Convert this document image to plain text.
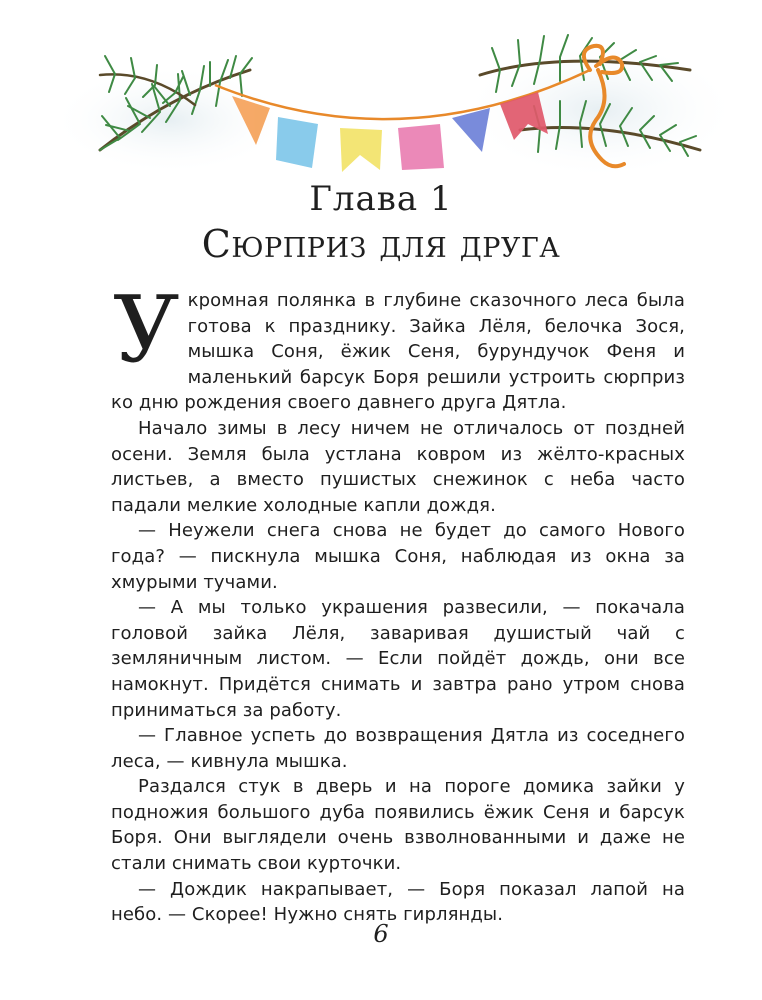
Глава 1
Сюрприз для друга

Укромная полянка в глубине сказочного леса была готова к празднику. Зайка Лёля, белочка Зося, мышка Соня, ёжик Сеня, бурундучок Феня и маленький барсук Боря решили устроить сюрприз ко дню рождения своего давнего друга Дятла.

Начало зимы в лесу ничем не отличалось от поздней осени. Земля была устлана ковром из жёлто-красных листьев, а вместо пушистых снежинок с неба часто падали мелкие холодные капли дождя.

— Неужели снега снова не будет до самого Нового года? — пискнула мышка Соня, наблюдая из окна за хмурыми тучами.

— А мы только украшения развесили, — покачала головой зайка Лёля, заваривая душистый чай с земляничным листом. — Если пойдёт дождь, они все намокнут. Придётся снимать и завтра рано утром снова приниматься за работу.

— Главное успеть до возвращения Дятла из соседнего леса, — кивнула мышка.

Раздался стук в дверь и на пороге домика зайки у подножия большого дуба появились ёжик Сеня и барсук Боря. Они выглядели очень взволнованными и даже не стали снимать свои курточки.

— Дождик накрапывает, — Боря показал лапой на небо. — Скорее! Нужно снять гирлянды.

6
